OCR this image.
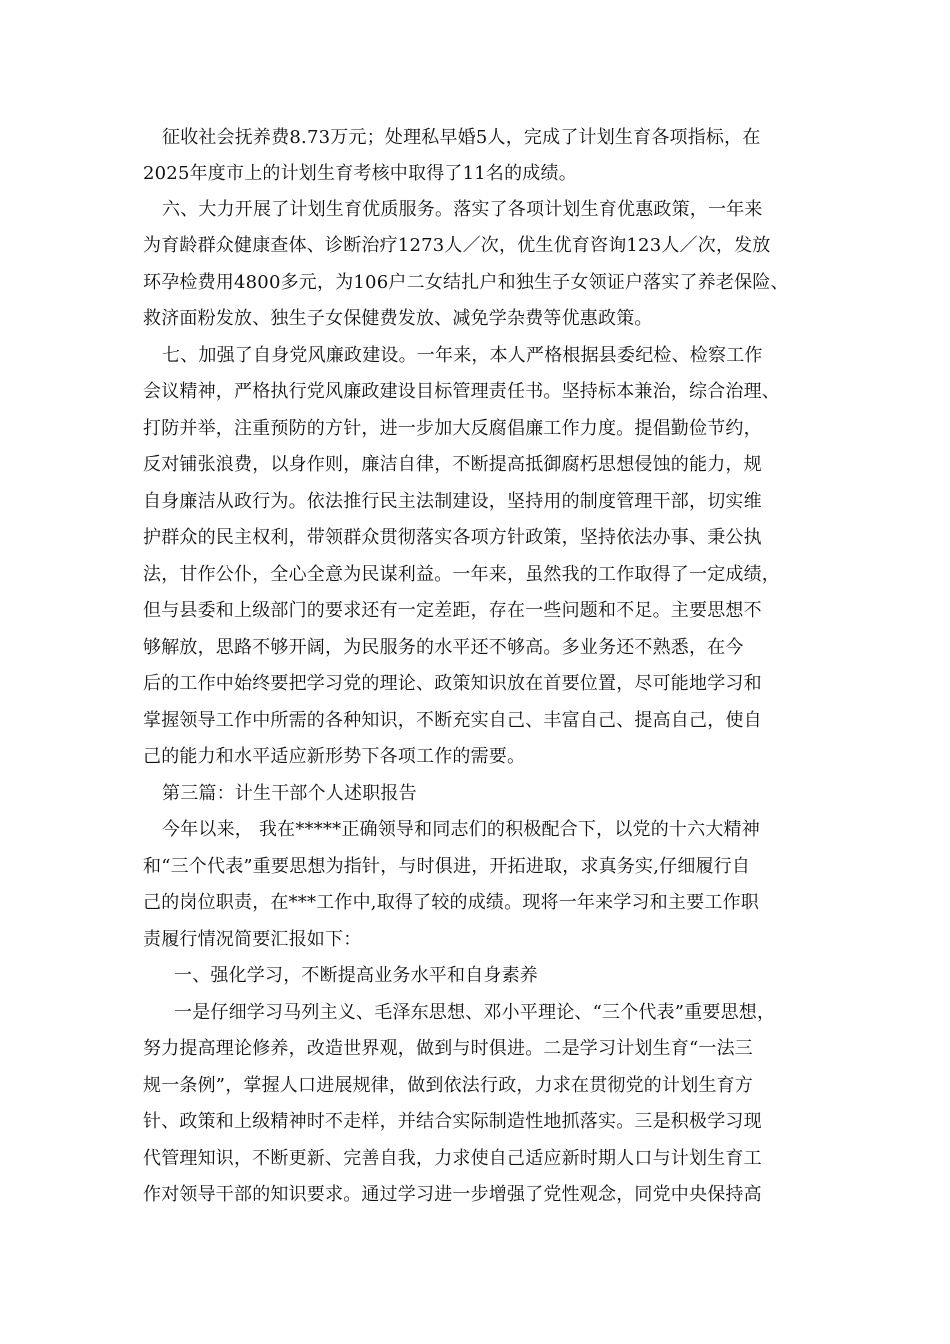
征收社会抚养费8.73万元；处理私早婚5人，完成了计划生育各项指标，在
2025年度市上的计划生育考核中取得了11名的成绩。
六、大力开展了计划生育优质服务。落实了各项计划生育优惠政策，一年来
为育龄群众健康查体、诊断治疗1273人／次，优生优育咨询123人／次，发放
环孕检费用4800多元，为106户二女结扎户和独生子女领证户落实了养老保险、
救济面粉发放、独生子女保健费发放、减免学杂费等优惠政策。
七、加强了自身党风廉政建设。一年来，本人严格根据县委纪检、检察工作
会议精神，严格执行党风廉政建设目标管理责任书。坚持标本兼治，综合治理、
打防并举，注重预防的方针，进一步加大反腐倡廉工作力度。提倡勤俭节约，
反对铺张浪费，以身作则，廉洁自律，不断提高抵御腐朽思想侵蚀的能力，规
自身廉洁从政行为。依法推行民主法制建设，坚持用的制度管理干部，切实维
护群众的民主权利，带领群众贯彻落实各项方针政策，坚持依法办事、秉公执
法，甘作公仆，全心全意为民谋利益。一年来，虽然我的工作取得了一定成绩，
但与县委和上级部门的要求还有一定差距，存在一些问题和不足。主要思想不
够解放，思路不够开阔，为民服务的水平还不够高。多业务还不熟悉，在今
后的工作中始终要把学习党的理论、政策知识放在首要位置，尽可能地学习和
掌握领导工作中所需的各种知识，不断充实自己、丰富自己、提高自己，使自
己的能力和水平适应新形势下各项工作的需要。
第三篇：计生干部个人述职报告
今年以来， 我在*****正确领导和同志们的积极配合下，以党的十六大精神
和“三个代表”重要思想为指针，与时俱进，开拓进取，求真务实,仔细履行自
己的岗位职责，在***工作中,取得了较的成绩。现将一年来学习和主要工作职
责履行情况简要汇报如下：
一、强化学习，不断提高业务水平和自身素养
一是仔细学习马列主义、毛泽东思想、邓小平理论、“三个代表”重要思想，
努力提高理论修养，改造世界观，做到与时俱进。二是学习计划生育“一法三
规一条例”，掌握人口进展规律，做到依法行政，力求在贯彻党的计划生育方
针、政策和上级精神时不走样，并结合实际制造性地抓落实。三是积极学习现
代管理知识，不断更新、完善自我，力求使自己适应新时期人口与计划生育工
作对领导干部的知识要求。通过学习进一步增强了党性观念，同党中央保持高
